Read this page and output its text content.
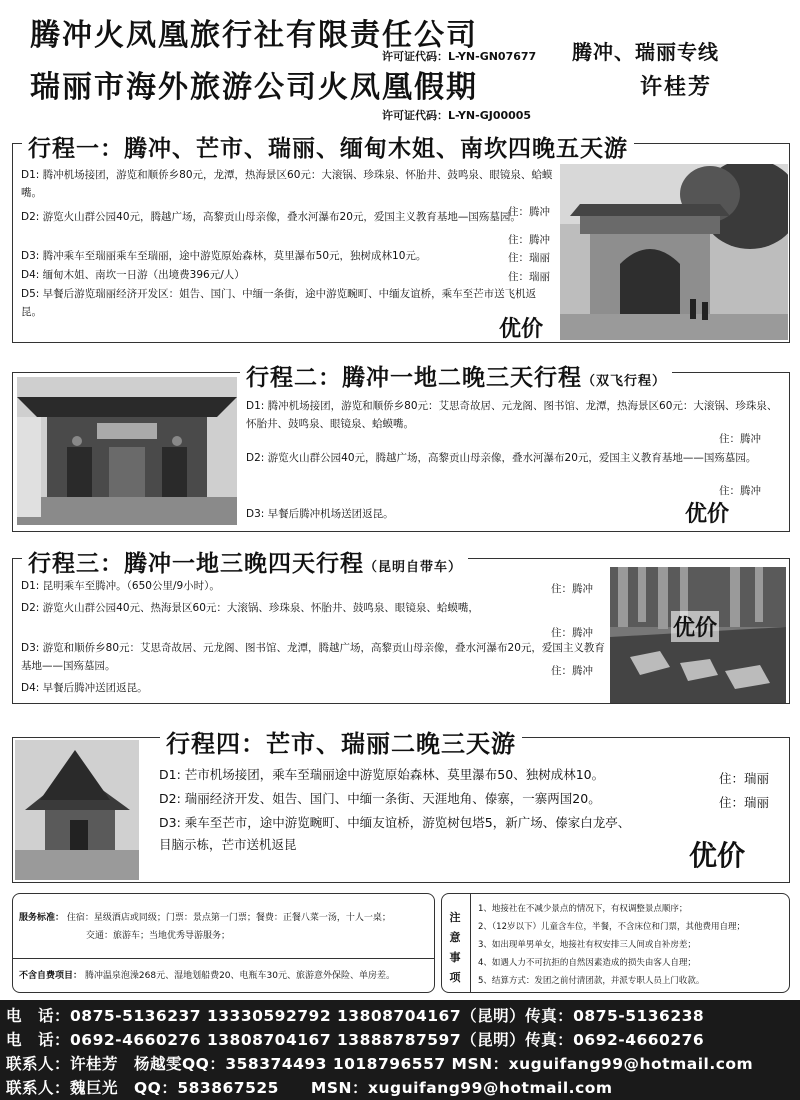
腾冲火凤凰旅行社有限责任公司
许可证代码：L-YN-GN07677
瑞丽市海外旅游公司火凤凰假期
许可证代码：L-YN-GJ00005
腾冲、瑞丽专线
许桂芳
D1: 腾冲机场接团，游览和顺侨乡80元，龙潭，热海景区60元：大滚锅、珍珠泉、怀胎井、鼓鸣泉、眼镜泉、蛤蟆嘴。
住：腾冲
D2: 游览火山群公园40元，腾越广场，高黎贡山母亲像，叠水河瀑布20元，爱国主义教育基地—国殇墓园。
住：腾冲
D3: 腾冲乘车至瑞丽乘车至瑞丽，途中游览原始森林，莫里瀑布50元，独树成林10元。	住：瑞丽
D4: 缅甸木姐、南坎一日游（出境费396元/人）	住：瑞丽
D5: 早餐后游览瑞丽经济开发区：姐告、国门、中缅一条街，途中游览畹町、中缅友谊桥，乘车至芒市送飞机返昆。
优价
行程一：腾冲、芒市、瑞丽、缅甸木姐、南坎四晚五天游
D1: 腾冲机场接团，游览和顺侨乡80元：艾思奇故居、元龙阁、图书馆、龙潭，热海景区60元：大滚锅、珍珠泉、怀胎井、鼓鸣泉、眼镜泉、蛤蟆嘴。
住：腾冲
D2: 游览火山群公园40元，腾越广场，高黎贡山母亲像，叠水河瀑布20元，爱国主义教育基地——国殇墓园。
住：腾冲
D3: 早餐后腾冲机场送团返昆。	优价
行程二：腾冲一地二晚三天行程（双飞行程）
D1: 昆明乘车至腾冲。（650公里/9小时）。	住：腾冲
D2: 游览火山群公园40元、热海景区60元：大滚锅、珍珠泉、怀胎井、鼓鸣泉、眼镜泉、蛤蟆嘴，
住：腾冲
D3: 游览和顺侨乡80元：艾思奇故居、元龙阁、图书馆、龙潭，腾越广场，高黎贡山母亲像，叠水河瀑布20元，爱国主义教育基地——国殇墓园。	住：腾冲
D4: 早餐后腾冲送团返昆。
优价
行程三：腾冲一地三晚四天行程（昆明自带车）
D1: 芒市机场接团，乘车至瑞丽途中游览原始森林、莫里瀑布50、独树成林10。	住：瑞丽
D2: 瑞丽经济开发、姐告、国门、中缅一条街、天涯地角、傣寨，一寨两国20。	住：瑞丽
D3: 乘车至芒市，途中游览畹町、中缅友谊桥，游览树包塔5，新广场、傣家白龙亭、目脑示栋，芒市送机返昆	优价
行程四：芒市、瑞丽二晚三天游
服务标准： 住宿：星级酒店或同级；门票：景点第一门票；餐费：正餐八菜一汤，十人一桌；
交通：旅游车；当地优秀导游服务；
不含自费项目： 腾冲温泉泡澡268元、湿地划船费20、电瓶车30元、旅游意外保险、单房差。
注意事项
1、地接社在不减少景点的情况下，有权调整景点顺序；
2、（12岁以下）儿童含车位，半餐，不含床位和门票，其他费用自理；
3、如出现单男单女，地接社有权安排三人间或自补房差；
4、如遇人力不可抗拒的自然因素造成的损失由客人自理；
5、结算方式：发团之前付清团款，并派专职人员上门收款。
电　话：0875-5136237 13330592792 13808704167（昆明）传真：0875-5136238
电　话：0692-4660276 13808704167 13888787597（昆明）传真：0692-4660276
联系人：许桂芳　杨越雯QQ：358374493 1018796557 MSN：xuguifang99@hotmail.com
联系人：魏巨光　QQ：583867525　　MSN：xuguifang99@hotmail.com
